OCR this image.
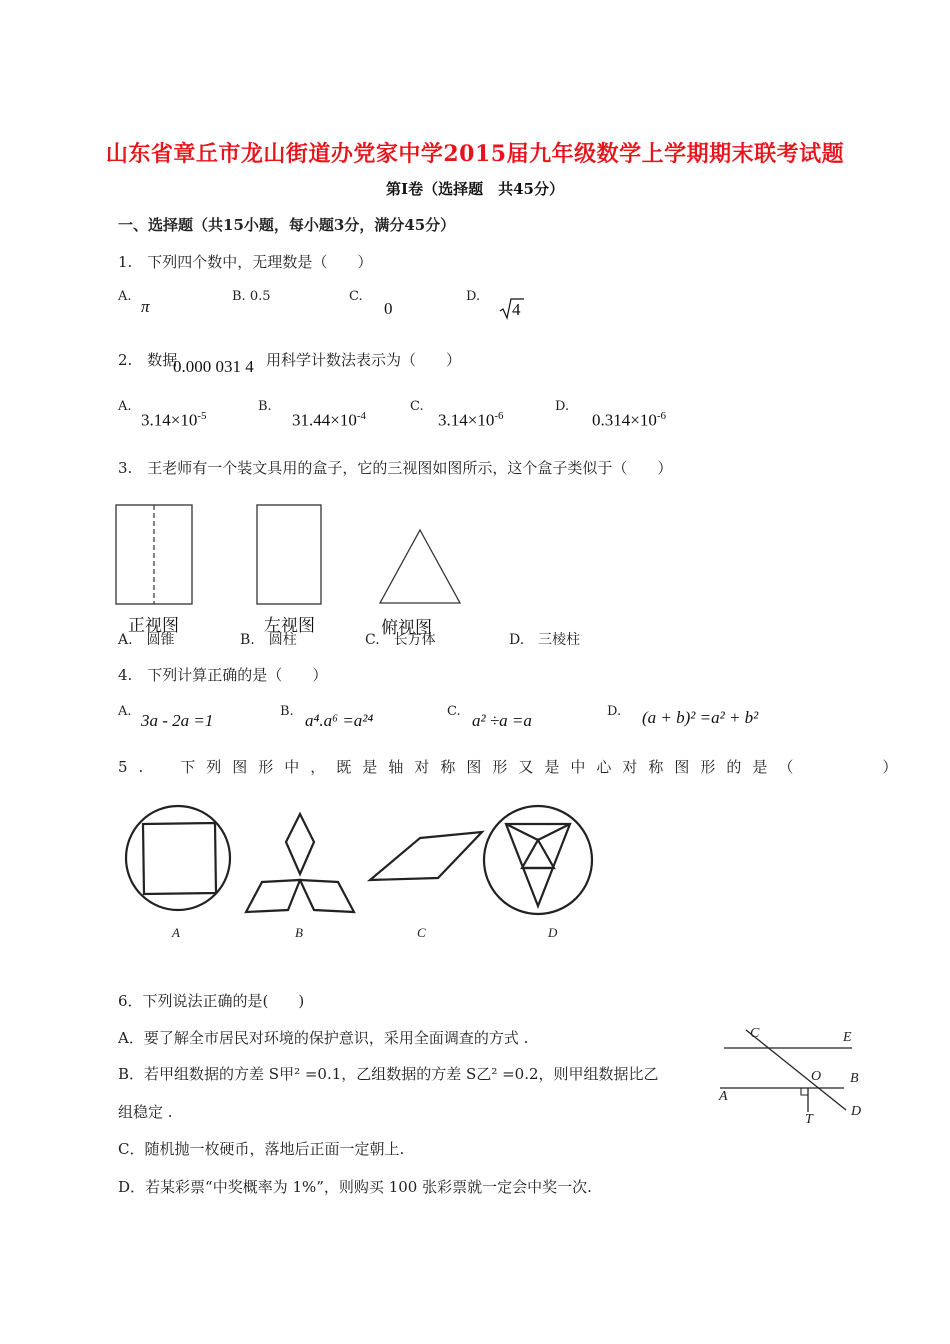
山东省章丘市龙山街道办党家中学2015届九年级数学上学期期末联考试题
第Ⅰ卷（选择题　共45分）
一、选择题（共15小题，每小题3分，满分45分）
1.　下列四个数中，无理数是（　　）
A.
π
B. 0.5	C.
0
D.
4
2.　数据
0.000 031 4 用科学计数法表示为（　　）
A.
$3.14\times 10^{-5}$
B.
$31.44\times 10^{-4}$
C.
$3.14\times 10^{-6}$
D.
$0.314\times 10^{-6}$
3.　王老师有一个装文具用的盒子，它的三视图如图所示，这个盒子类似于（　　）
正视图	左视图	俯视图
A.　圆锥	B.　圆柱	C.　长方体	D.　三棱柱
4.　下列计算正确的是（　　）
A. 3a - 2a =1	B. a⁴.a⁶ =a²⁴	C. a² ÷a =a	D. (a + b)² =a² + b²
5.　下列图形中，既是轴对称图形又是中心对称图形的是（　　　）
A	B	C	D
6．下列说法正确的是(　　)
A．要了解全市居民对环境的保护意识，采用全面调查的方式 .
B．若甲组数据的方差 S甲² =0.1，乙组数据的方差 S乙² =0.2，则甲组数据比乙
组稳定 .
C．随机抛一枚硬币，落地后正面一定朝上.
D．若某彩票“中奖概率为 1%”，则购买 100 张彩票就一定会中奖一次.
C	E
O B
A
T
D
